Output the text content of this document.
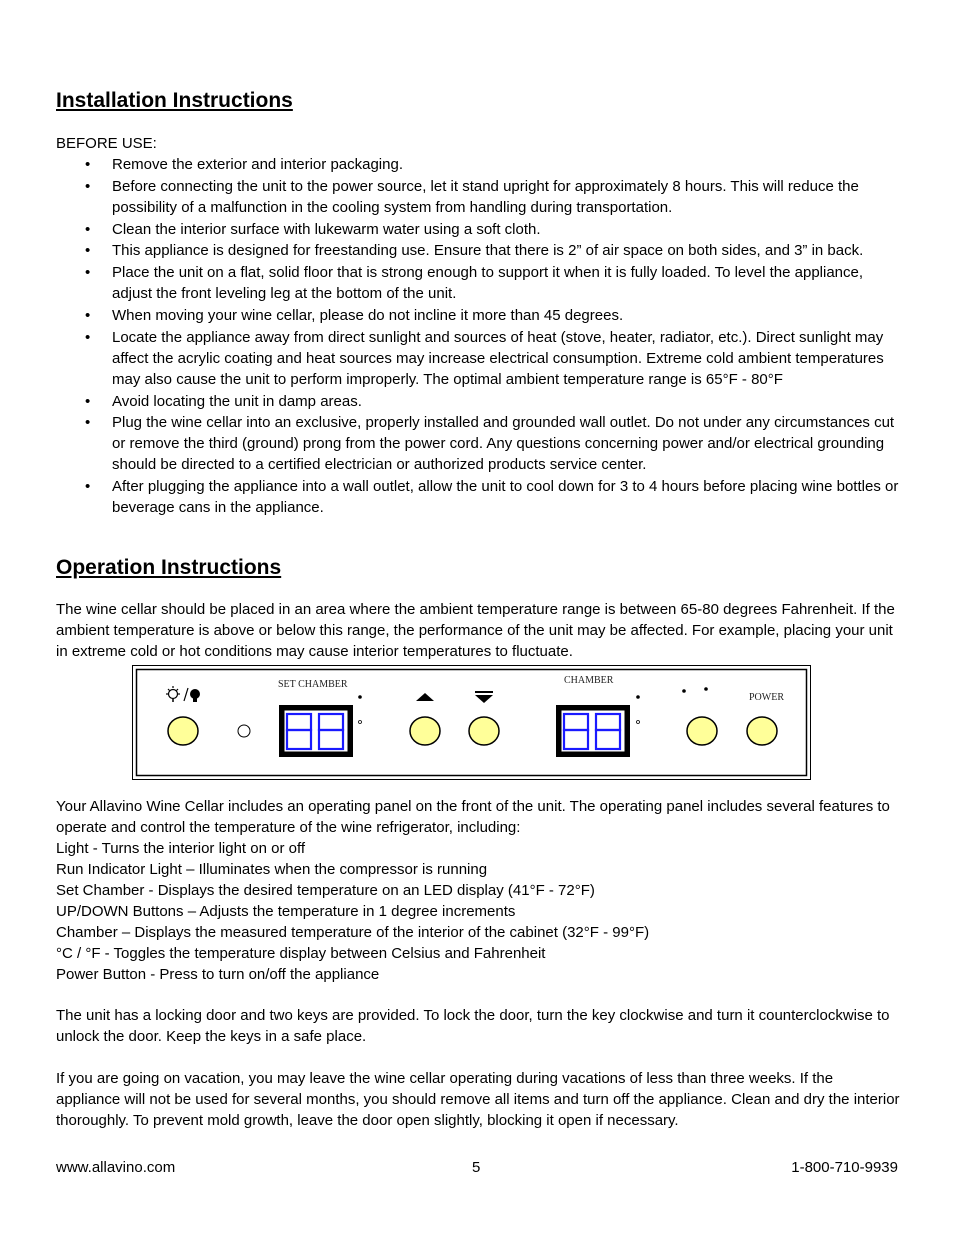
Installation Instructions
BEFORE USE:
• Remove the exterior and interior packaging.
• Before connecting the unit to the power source, let it stand upright for approximately 8 hours. This will reduce the possibility of a malfunction in the cooling system from handling during transportation.
• Clean the interior surface with lukewarm water using a soft cloth.
• This appliance is designed for freestanding use. Ensure that there is 2” of air space on both sides, and 3” in back.
• Place the unit on a flat, solid floor that is strong enough to support it when it is fully loaded. To level the appliance, adjust the front leveling leg at the bottom of the unit.
• When moving your wine cellar, please do not incline it more than 45 degrees.
• Locate the appliance away from direct sunlight and sources of heat (stove, heater, radiator, etc.). Direct sunlight may affect the acrylic coating and heat sources may increase electrical consumption. Extreme cold ambient temperatures may also cause the unit to perform improperly. The optimal ambient temperature range is 65°F - 80°F
• Avoid locating the unit in damp areas.
• Plug the wine cellar into an exclusive, properly installed and grounded wall outlet. Do not under any circumstances cut or remove the third (ground) prong from the power cord. Any questions concerning power and/or electrical grounding should be directed to a certified electrician or authorized products service center.
• After plugging the appliance into a wall outlet, allow the unit to cool down for 3 to 4 hours before placing wine bottles or beverage cans in the appliance.
Operation Instructions
The wine cellar should be placed in an area where the ambient temperature range is between 65-80 degrees Fahrenheit. If the ambient temperature is above or below this range, the performance of the unit may be affected. For example, placing your unit in extreme cold or hot conditions may cause interior temperatures to fluctuate.
SET CHAMBER	CHAMBER
POWER

Your Allavino Wine Cellar includes an operating panel on the front of the unit. The operating panel includes several features to operate and control the temperature of the wine refrigerator, including:

Light - Turns the interior light on or off

Run Indicator Light – Illuminates when the compressor is running

Set Chamber - Displays the desired temperature on an LED display (41°F - 72°F)

UP/DOWN Buttons – Adjusts the temperature in 1 degree increments

Chamber – Displays the measured temperature of the interior of the cabinet (32°F - 99°F)

°C / °F - Toggles the temperature display between Celsius and Fahrenheit

Power Button - Press to turn on/off the appliance

The unit has a locking door and two keys are provided. To lock the door, turn the key clockwise and turn it counterclockwise to unlock the door. Keep the keys in a safe place.
If you are going on vacation, you may leave the wine cellar operating during vacations of less than three weeks. If the appliance will not be used for several months, you should remove all items and turn off the appliance. Clean and dry the interior thoroughly. To prevent mold growth, leave the door open slightly, blocking it open if necessary.
www.allavino.com	5	1-800-710-9939
